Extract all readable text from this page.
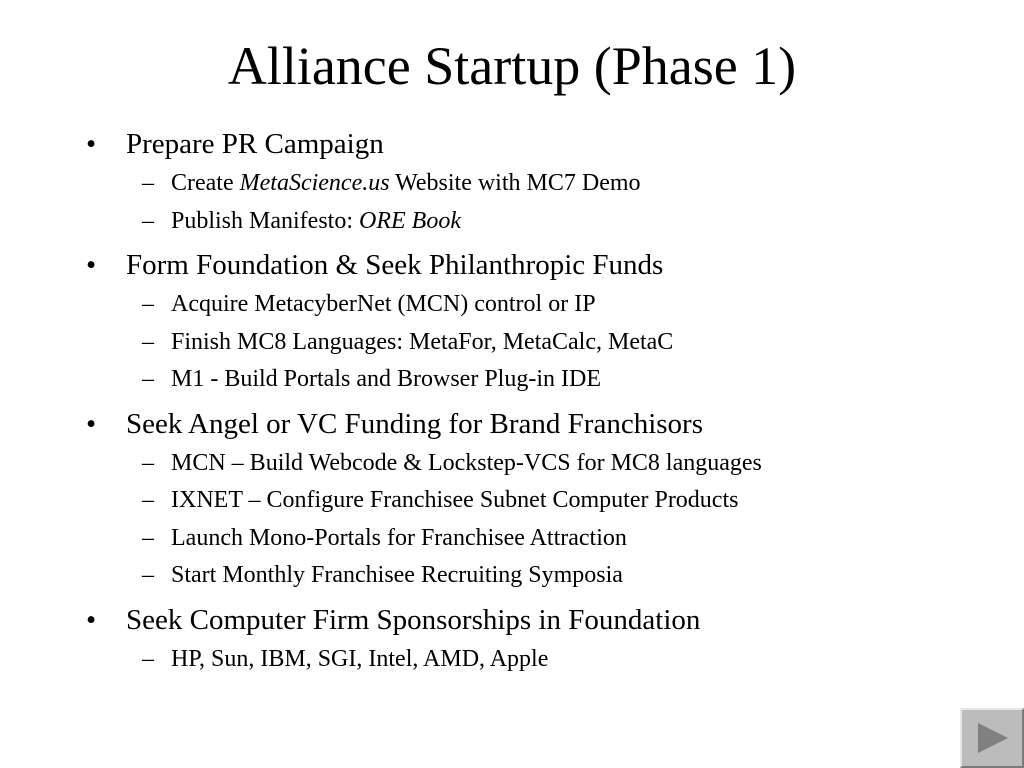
Alliance Startup (Phase 1)
• Prepare PR Campaign
– Create MetaScience.us Website with MC7 Demo
– Publish Manifesto: ORE Book
• Form Foundation & Seek Philanthropic Funds
– Acquire MetacyberNet (MCN) control or IP
– Finish MC8 Languages: MetaFor, MetaCalc, MetaC
– M1 - Build Portals and Browser Plug-in IDE
• Seek Angel or VC Funding for Brand Franchisors
– MCN – Build Webcode & Lockstep-VCS for MC8 languages
– IXNET – Configure Franchisee Subnet Computer Products
– Launch Mono-Portals for Franchisee Attraction
– Start Monthly Franchisee Recruiting Symposia
• Seek Computer Firm Sponsorships in Foundation
– HP, Sun, IBM, SGI, Intel, AMD, Apple
